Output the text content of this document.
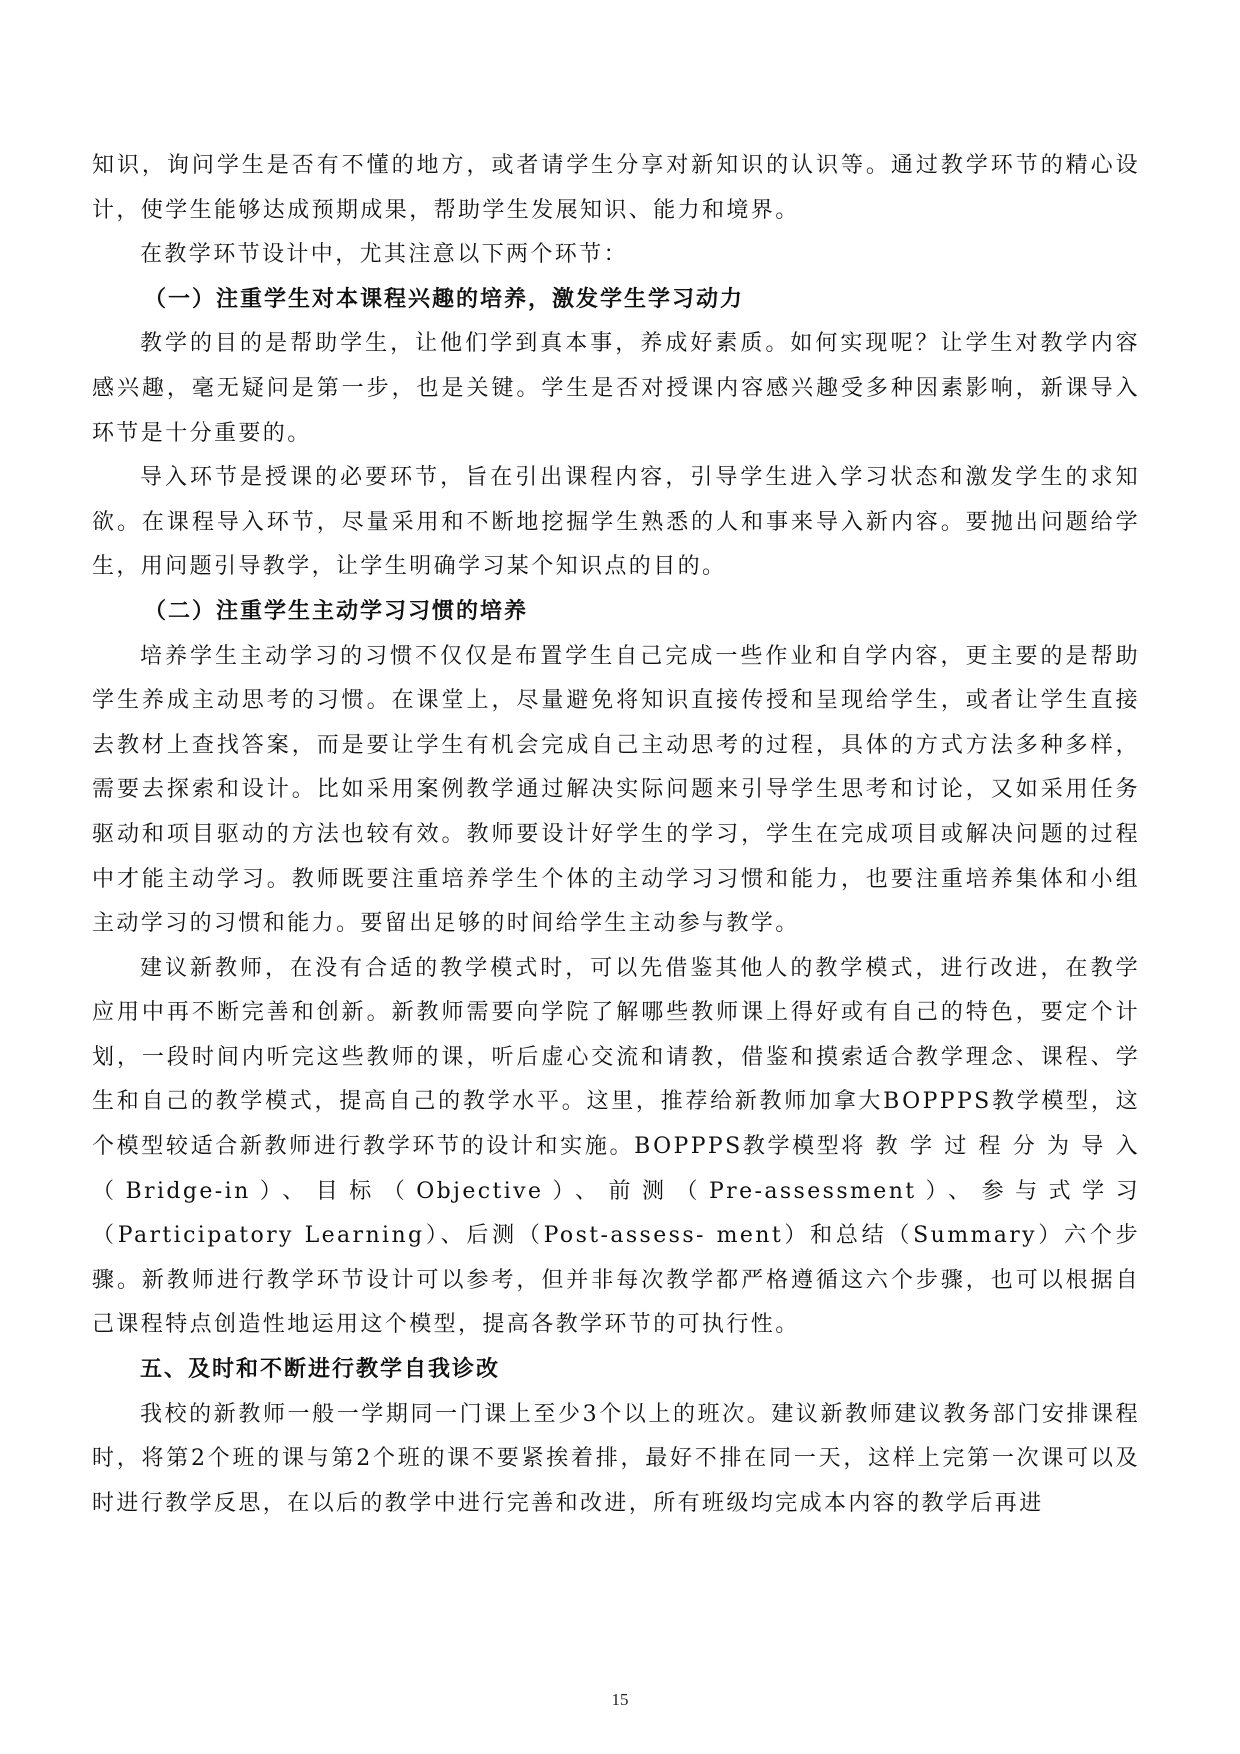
知识，询问学生是否有不懂的地方，或者请学生分享对新知识的认识等。通过教学环节的精心设计，使学生能够达成预期成果，帮助学生发展知识、能力和境界。

在教学环节设计中，尤其注意以下两个环节：

（一）注重学生对本课程兴趣的培养，激发学生学习动力

教学的目的是帮助学生，让他们学到真本事，养成好素质。如何实现呢？让学生对教学内容感兴趣，毫无疑问是第一步，也是关键。学生是否对授课内容感兴趣受多种因素影响，新课导入环节是十分重要的。

导入环节是授课的必要环节，旨在引出课程内容，引导学生进入学习状态和激发学生的求知欲。在课程导入环节，尽量采用和不断地挖掘学生熟悉的人和事来导入新内容。要抛出问题给学生，用问题引导教学，让学生明确学习某个知识点的目的。

（二）注重学生主动学习习惯的培养

培养学生主动学习的习惯不仅仅是布置学生自己完成一些作业和自学内容，更主要的是帮助学生养成主动思考的习惯。在课堂上，尽量避免将知识直接传授和呈现给学生，或者让学生直接去教材上查找答案，而是要让学生有机会完成自己主动思考的过程，具体的方式方法多种多样，需要去探索和设计。比如采用案例教学通过解决实际问题来引导学生思考和讨论，又如采用任务驱动和项目驱动的方法也较有效。教师要设计好学生的学习，学生在完成项目或解决问题的过程中才能主动学习。教师既要注重培养学生个体的主动学习习惯和能力，也要注重培养集体和小组主动学习的习惯和能力。要留出足够的时间给学生主动参与教学。

建议新教师，在没有合适的教学模式时，可以先借鉴其他人的教学模式，进行改进，在教学应用中再不断完善和创新。新教师需要向学院了解哪些教师课上得好或有自己的特色，要定个计划，一段时间内听完这些教师的课，听后虚心交流和请教，借鉴和摸索适合教学理念、课程、学生和自己的教学模式，提高自己的教学水平。这里，推荐给新教师加拿大BOPPPS教学模型，这个模型较适合新教师进行教学环节的设计和实施。BOPPPS教学模型将 教 学 过 程 分 为 导 入（Bridge-in）、目标（Objective）、前测（Pre-assessment）、参与式学习（Participatory Learning）、后测（Post-assess- ment）和总结（Summary）六个步骤。新教师进行教学环节设计可以参考，但并非每次教学都严格遵循这六个步骤，也可以根据自己课程特点创造性地运用这个模型，提高各教学环节的可执行性。

五、及时和不断进行教学自我诊改

我校的新教师一般一学期同一门课上至少3个以上的班次。建议新教师建议教务部门安排课程时，将第2个班的课与第2个班的课不要紧挨着排，最好不排在同一天，这样上完第一次课可以及时进行教学反思，在以后的教学中进行完善和改进，所有班级均完成本内容的教学后再进

15
